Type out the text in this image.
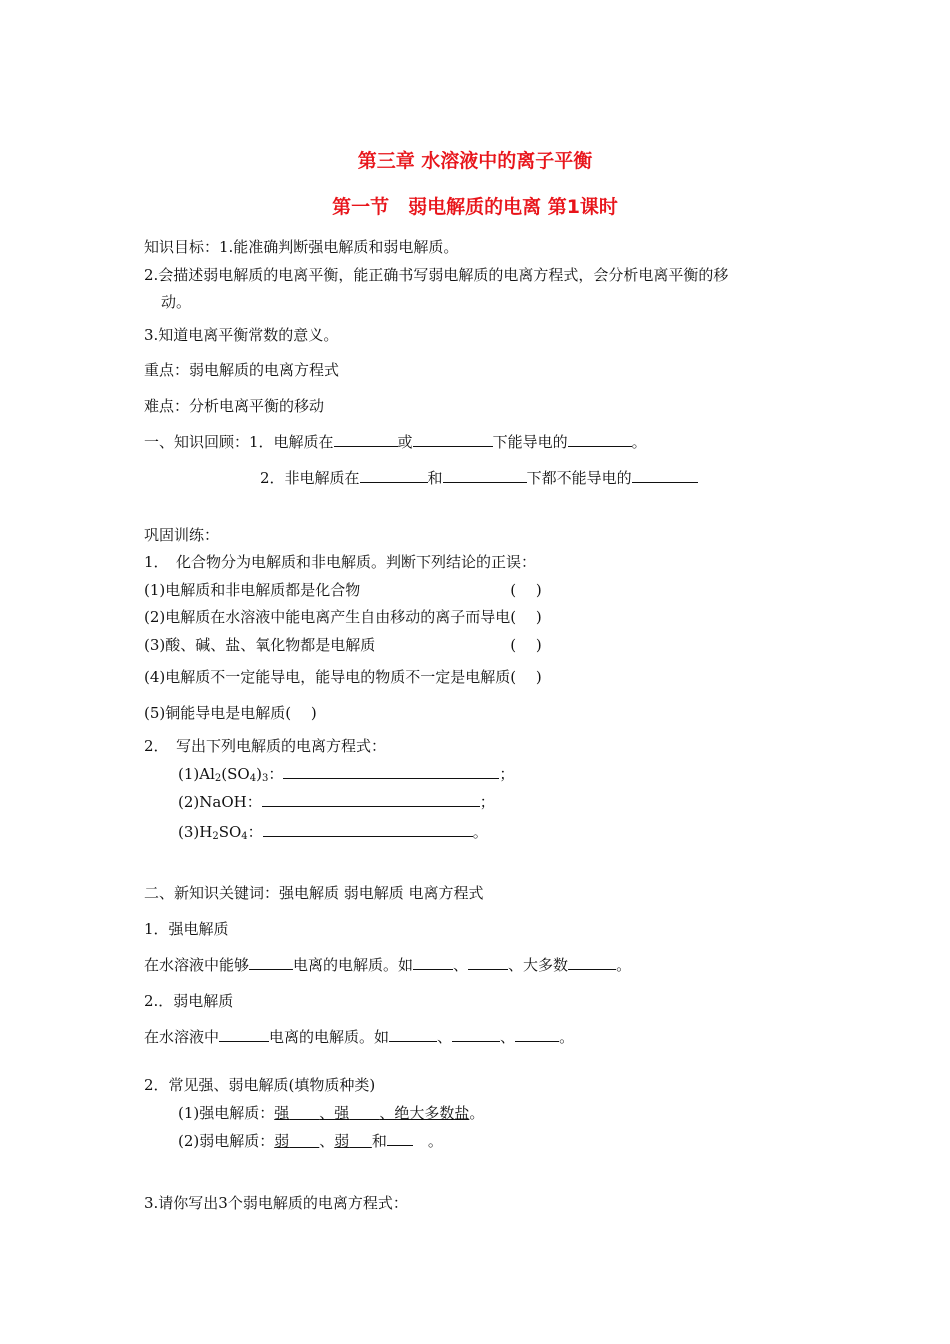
第三章 水溶液中的离子平衡
第一节　弱电解质的电离 第1课时
知识目标：1.能准确判断强电解质和弱电解质。
2.会描述弱电解质的电离平衡，能正确书写弱电解质的电离方程式，会分析电离平衡的移
动。
3.知道电离平衡常数的意义。
重点：弱电解质的电离方程式
难点：分析电离平衡的移动
一、知识回顾：1．电解质在	或	下能导电的	。
2．非电解质在	和	下都不能导电的
巩固训练：
1．　化合物分为电解质和非电解质。判断下列结论的正误：
(1)电解质和非电解质都是化合物　　　　　　　　　　(　 )
(2)电解质在水溶液中能电离产生自由移动的离子而导电(　 )
(3)酸、碱、盐、氧化物都是电解质　　　　　　　　　(　 )
(4)电解质不一定能导电，能导电的物质不一定是电解质(　 )
(5)铜能导电是电解质(　 )
2．　写出下列电解质的电离方程式：
$(1)Al_2(SO_4)_3$：	；
(2)NaOH：	；
$(3)H_2SO_4$：	。
二、新知识关键词：强电解质 弱电解质 电离方程式
1．强电解质
在水溶液中能够	电离的电解质。如	、	、大多数	。
2.．弱电解质
在水溶液中	电离的电解质。如	、	、	。
2．常见强、弱电解质(填物质种类)
(1)强电解质：强　　 、强　　 、绝大多数盐。
(2)弱电解质：弱　　 、弱　  和　	。
3.请你写出3个弱电解质的电离方程式：
